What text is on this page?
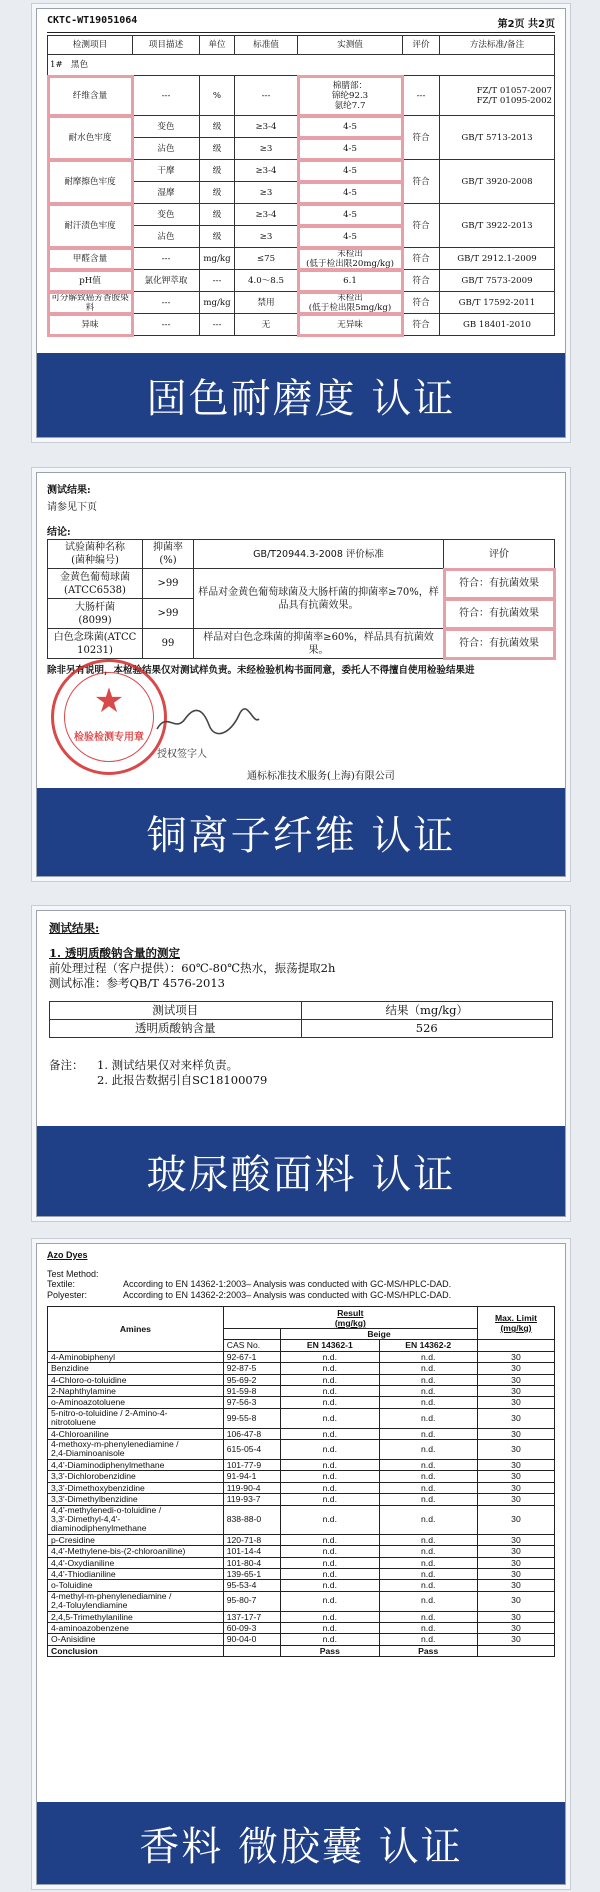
CKTC-WT19051064	第2页 共2页
检测项目	项目描述	单位	标准值	实测值	评价	方法标准/备注
1# 黑色						
纤维含量	---	%	---	棉腈部：
锦纶92.3
氨纶7.7	---	FZ/T 01057-2007
FZ/T 01095-2002
耐水色牢度	变色	级	≥3-4	4-5	符合	GB/T 5713-2013
	沾色	级	≥3	4-5		
耐摩擦色牢度	干摩	级	≥3-4	4-5	符合	GB/T 3920-2008
	湿摩	级	≥3	4-5		
耐汗渍色牢度	变色	级	≥3-4	4-5	符合	GB/T 3922-2013
	沾色	级	≥3	4-5		
甲醛含量	---	mg/kg	≤75	未检出
(低于检出限20mg/kg)	符合	GB/T 2912.1-2009
pH值	氯化钾萃取	---	4.0～8.5	6.1	符合	GB/T 7573-2009
可分解致癌芳香胺染料	---	mg/kg	禁用	未检出
(低于检出限5mg/kg)	符合	GB/T 17592-2011
异味	---	---	无	无异味	符合	GB 18401-2010
固色耐磨度 认证
测试结果:
请参见下页
结论:
试验菌种名称
(菌种编号)	抑菌率
(%)	GB/T20944.3-2008 评价标准	评价
金黄色葡萄球菌
(ATCC6538)	>99	样品对金黄色葡萄球菌及大肠杆菌的抑菌率≥70%，样品具有抗菌效果。	符合：有抗菌效果
大肠杆菌
(8099)	>99		符合：有抗菌效果
白色念珠菌(ATCC
10231)	99	样品对白色念珠菌的抑菌率≥60%，样品具有抗菌效果。	符合：有抗菌效果
除非另有说明，本检验结果仅对测试样负责。未经检验机构书面同意，委托人不得擅自使用检验结果进
★
检验检测专用章
授权签字人
通标标准技术服务(上海)有限公司
铜离子纤维 认证
测试结果:
1. 透明质酸钠含量的测定
前处理过程（客户提供）：60℃-80℃热水，振荡提取2h
测试标准：参考QB/T 4576-2013
测试项目	结果（mg/kg）
透明质酸钠含量	526
备注：	1. 测试结果仅对来样负责。
2. 此报告数据引自SC18100079
玻尿酸面料 认证
Azo Dyes
Test Method:
Textile:	According to EN 14362-1:2003– Analysis was conducted with GC-MS/HPLC-DAD.
Polyester:	According to EN 14362-2:2003– Analysis was conducted with GC-MS/HPLC-DAD.
Amines	Result
(mg/kg)			Max. Limit
(mg/kg)
		Beige		
	CAS No.	EN 14362-1	EN 14362-2	
4-Aminobiphenyl	92-67-1	n.d.	n.d.	30
Benzidine	92-87-5	n.d.	n.d.	30
4-Chloro-o-toluidine	95-69-2	n.d.	n.d.	30
2-Naphthylamine	91-59-8	n.d.	n.d.	30
o-Aminoazotoluene	97-56-3	n.d.	n.d.	30
5-nitro-o-toluidine / 2-Amino-4-
nitrotoluene	99-55-8	n.d.	n.d.	30
4-Chloroaniline	106-47-8	n.d.	n.d.	30
4-methoxy-m-phenylenediamine /
2,4-Diaminoanisole	615-05-4	n.d.	n.d.	30
4,4'-Diaminodiphenylmethane	101-77-9	n.d.	n.d.	30
3,3'-Dichlorobenzidine	91-94-1	n.d.	n.d.	30
3,3'-Dimethoxybenzidine	119-90-4	n.d.	n.d.	30
3,3'-Dimethylbenzidine	119-93-7	n.d.	n.d.	30
4,4'-methylenedi-o-toluidine /
3,3'-Dimethyl-4,4'-
diaminodiphenylmethane	838-88-0	n.d.	n.d.	30
p-Cresidine	120-71-8	n.d.	n.d.	30
4,4'-Methylene-bis-(2-chloroaniline)	101-14-4	n.d.	n.d.	30
4,4'-Oxydianiline	101-80-4	n.d.	n.d.	30
4,4'-Thiodianiline	139-65-1	n.d.	n.d.	30
o-Toluidine	95-53-4	n.d.	n.d.	30
4-methyl-m-phenylenediamine /
2,4-Toluylendiamine	95-80-7	n.d.	n.d.	30
2,4,5-Trimethylaniline	137-17-7	n.d.	n.d.	30
4-aminoazobenzene	60-09-3	n.d.	n.d.	30
O-Anisidine	90-04-0	n.d.	n.d.	30
Conclusion		Pass	Pass	
香料 微胶囊 认证
